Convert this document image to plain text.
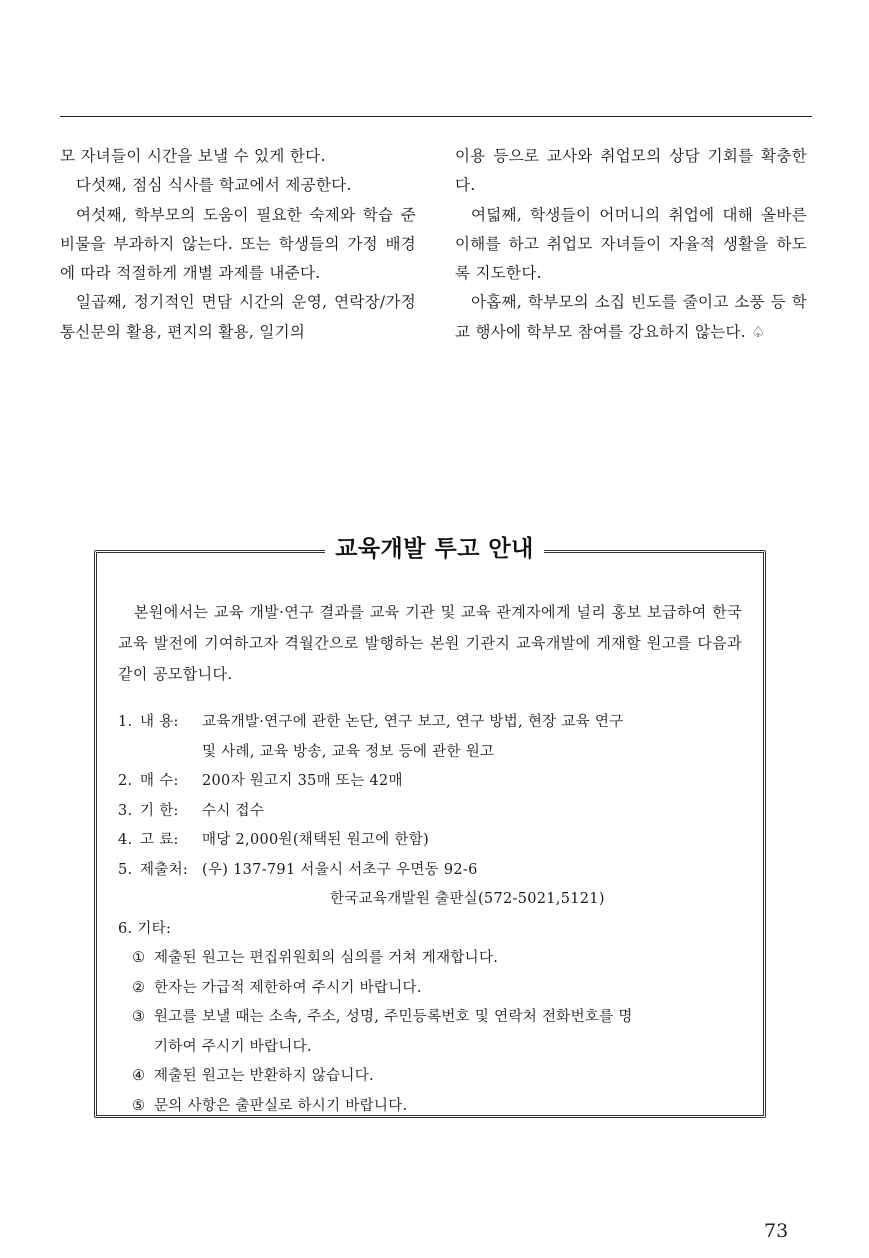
모 자녀들이 시간을 보낼 수 있게 한다.

다섯째, 점심 식사를 학교에서 제공한다.

여섯째, 학부모의 도움이 필요한 숙제와 학습 준비물을 부과하지 않는다. 또는 학생들의 가정 배경에 따라 적절하게 개별 과제를 내준다.

일곱째, 정기적인 면담 시간의 운영, 연락장/가정 통신문의 활용, 편지의 활용, 일기의

이용 등으로 교사와 취업모의 상담 기회를 확충한다.

여덟째, 학생들이 어머니의 취업에 대해 올바른 이해를 하고 취업모 자녀들이 자율적 생활을 하도록 지도한다.

아홉째, 학부모의 소집 빈도를 줄이고 소풍 등 학교 행사에 학부모 참여를 강요하지 않는다. ♤

교육개발 투고 안내

본원에서는 교육 개발·연구 결과를 교육 기관 및 교육 관계자에게 널리 홍보 보급하여 한국 교육 발전에 기여하고자 격월간으로 발행하는 본원 기관지 교육개발에 게재할 원고를 다음과 같이 공모합니다.

1. 내 용:	교육개발·연구에 관한 논단, 연구 보고, 연구 방법, 현장 교육 연구
및 사례, 교육 방송, 교육 정보 등에 관한 원고
2. 매 수:	200자 원고지 35매 또는 42매
3. 기 한:	수시 접수
4. 고 료:	매당 2,000원(채택된 원고에 한함)
5. 제출처: (우) 137-791 서울시 서초구 우면동 92-6
한국교육개발원 출판실(572-5021,5121)
6. 기타:
① 제출된 원고는 편집위원회의 심의를 거쳐 게재합니다.
② 한자는 가급적 제한하여 주시기 바랍니다.
③ 원고를 보낼 때는 소속, 주소, 성명, 주민등록번호 및 연락처 전화번호를 명
기하여 주시기 바랍니다.
④ 제출된 원고는 반환하지 않습니다.
⑤ 문의 사항은 출판실로 하시기 바랍니다.
73
